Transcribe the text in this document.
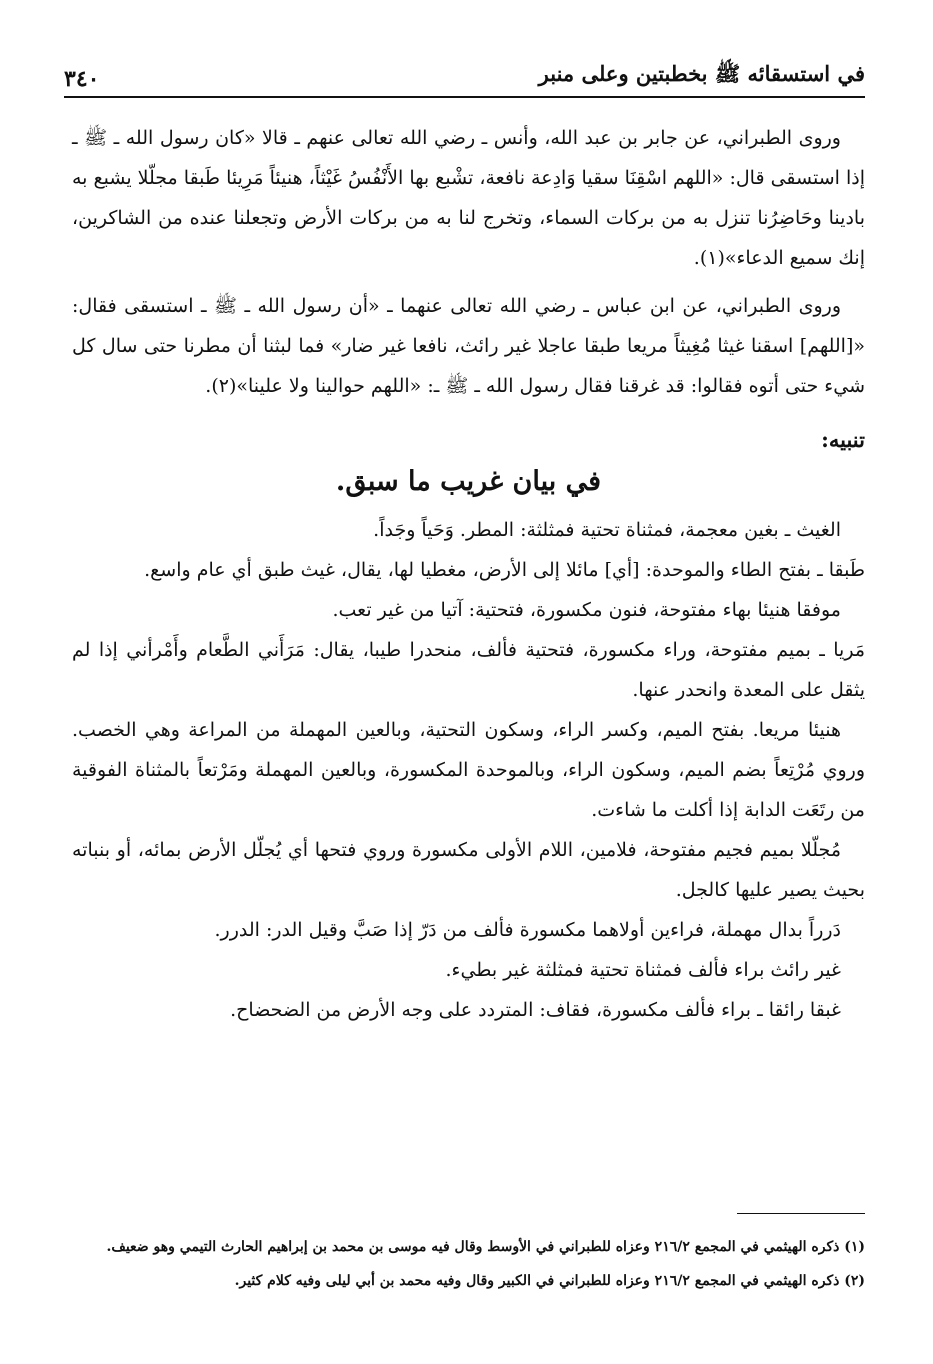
في استسقائه ﷺ بخطبتين وعلى منبر
٣٤٠

وروى الطبراني، عن جابر بن عبد الله، وأنس ـ رضي الله تعالى عنهم ـ قالا «كان رسول الله ـ ﷺ ـ إذا استسقى قال: «اللهم اسْقِنَا سقيا وَادِعة نافعة، تشْبع بها الأَنْفُسُ غَيْثاً، هنيئاً مَرِيئا طَبقا مجلّلا يشبع به بادينا وحَاضِرُنا تنزل به من بركات السماء، وتخرج لنا به من بركات الأرض وتجعلنا عنده من الشاكرين، إنك سميع الدعاء»(١).

وروى الطبراني، عن ابن عباس ـ رضي الله تعالى عنهما ـ «أن رسول الله ـ ﷺ ـ استسقى فقال: «[اللهم] اسقنا غيثا مُغِيثاً مريعا طبقا عاجلا غير رائث، نافعا غير ضار» فما لبثنا أن مطرنا حتى سال كل شيء حتى أتوه فقالوا: قد غرقنا فقال رسول الله ـ ﷺ ـ: «اللهم حوالينا ولا علينا»(٢).

تنبيه:
في بيان غريب ما سبق.

الغيث ـ بغين معجمة، فمثناة تحتية فمثلثة: المطر. وَحَياً وجَداً.

طَبقا ـ بفتح الطاء والموحدة: [أي] مائلا إلى الأرض، مغطيا لها، يقال، غيث طبق أي عام واسع.

موفقا هنيئا بهاء مفتوحة، فنون مكسورة، فتحتية: آتيا من غير تعب.

مَريا ـ بميم مفتوحة، وراء مكسورة، فتحتية فألف، منحدرا طيبا، يقال: مَرَأَني الطَّعام وأَمْرأني إذا لم يثقل على المعدة وانحدر عنها.

هنيئا مريعا. بفتح الميم، وكسر الراء، وسكون التحتية، وبالعين المهملة من المراعة وهي الخصب. وروي مُرْتِعاً بضم الميم، وسكون الراء، وبالموحدة المكسورة، وبالعين المهملة ومَرْتعاً بالمثناة الفوقية من رتَعَت الدابة إذا أكلت ما شاءت.

مُجلّلا بميم فجيم مفتوحة، فلامين، اللام الأولى مكسورة وروي فتحها أي يُجلّل الأرض بمائه، أو بنباته بحيث يصير عليها كالجل.

دَرراً بدال مهملة، فراءين أولاهما مكسورة فألف من دَرّ إذا صَبَّ وقيل الدر: الدرر.

غير رائث براء فألف فمثناة تحتية فمثلثة غير بطيء.

غبقا رائقا ـ براء فألف مكسورة، فقاف: المتردد على وجه الأرض من الضحضاح.

(١) ذكره الهيثمي في المجمع ٢١٦/٢ وعزاه للطبراني في الأوسط وقال فيه موسى بن محمد بن إبراهيم الحارث التيمي وهو ضعيف.

(٢) ذكره الهيثمي في المجمع ٢١٦/٢ وعزاه للطبراني في الكبير وقال وفيه محمد بن أبي ليلى وفيه كلام كثير.
